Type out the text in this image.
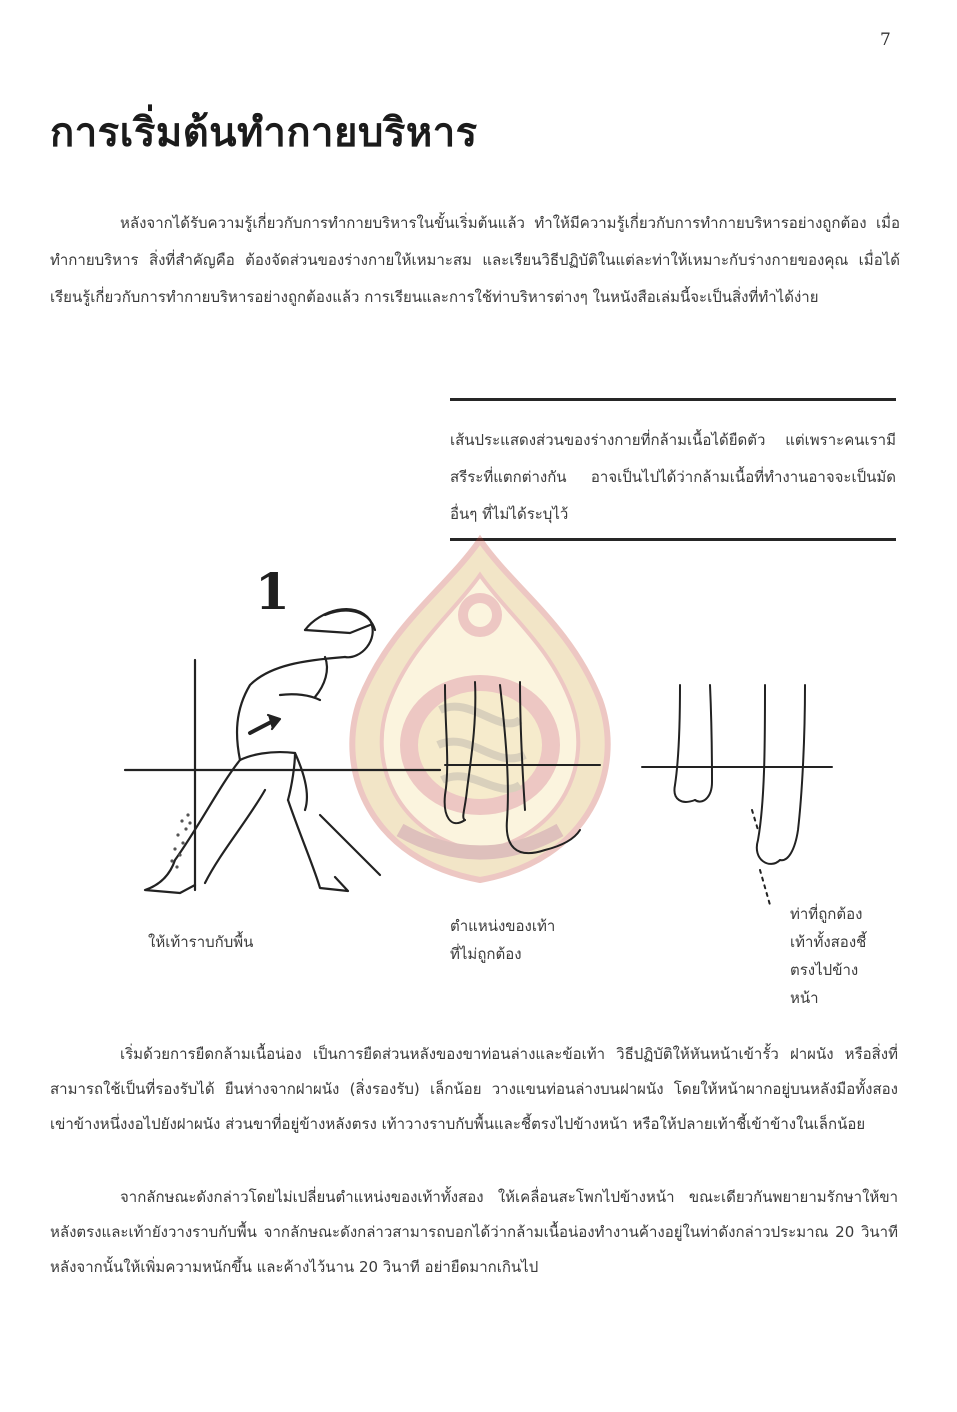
7
การเริ่มต้นทำกายบริหาร
หลังจากได้รับความรู้เกี่ยวกับการทำกายบริหารในขั้นเริ่มต้นแล้ว ทำให้มีความรู้เกี่ยวกับการทำกายบริหารอย่างถูกต้อง เมื่อทำกายบริหาร สิ่งที่สำคัญคือ ต้องจัดส่วนของร่างกายให้เหมาะสม และเรียนวิธีปฏิบัติในแต่ละท่าให้เหมาะกับร่างกายของคุณ เมื่อได้เรียนรู้เกี่ยวกับการทำกายบริหารอย่างถูกต้องแล้ว การเรียนและการใช้ท่าบริหารต่างๆ ในหนังสือเล่มนี้จะเป็นสิ่งที่ทำได้ง่าย
เส้นประแสดงส่วนของร่างกายที่กล้ามเนื้อได้ยืดตัว แต่เพราะคนเรามีสรีระที่แตกต่างกัน อาจเป็นไปได้ว่ากล้ามเนื้อที่ทำงานอาจจะเป็นมัดอื่นๆ ที่ไม่ได้ระบุไว้
1
ให้เท้าราบกับพื้น
ตำแหน่งของเท้า
ที่ไม่ถูกต้อง
ท่าที่ถูกต้อง
เท้าทั้งสองชี้
ตรงไปข้าง
หน้า
เริ่มด้วยการยืดกล้ามเนื้อน่อง เป็นการยืดส่วนหลังของขาท่อนล่างและข้อเท้า วิธีปฏิบัติให้หันหน้าเข้ารั้ว ฝาผนัง หรือสิ่งที่สามารถใช้เป็นที่รองรับได้ ยืนห่างจากฝาผนัง (สิ่งรองรับ) เล็กน้อย วางแขนท่อนล่างบนฝาผนัง โดยให้หน้าผากอยู่บนหลังมือทั้งสอง เข่าข้างหนึ่งงอไปยังฝาผนัง ส่วนขาที่อยู่ข้างหลังตรง เท้าวางราบกับพื้นและชี้ตรงไปข้างหน้า หรือให้ปลายเท้าชี้เข้าข้างในเล็กน้อย
จากลักษณะดังกล่าวโดยไม่เปลี่ยนตำแหน่งของเท้าทั้งสอง ให้เคลื่อนสะโพกไปข้างหน้า ขณะเดียวกันพยายามรักษาให้ขาหลังตรงและเท้ายังวางราบกับพื้น จากลักษณะดังกล่าวสามารถบอกได้ว่ากล้ามเนื้อน่องทำงานค้างอยู่ในท่าดังกล่าวประมาณ 20 วินาที หลังจากนั้นให้เพิ่มความหนักขึ้น และค้างไว้นาน 20 วินาที อย่ายืดมากเกินไป
